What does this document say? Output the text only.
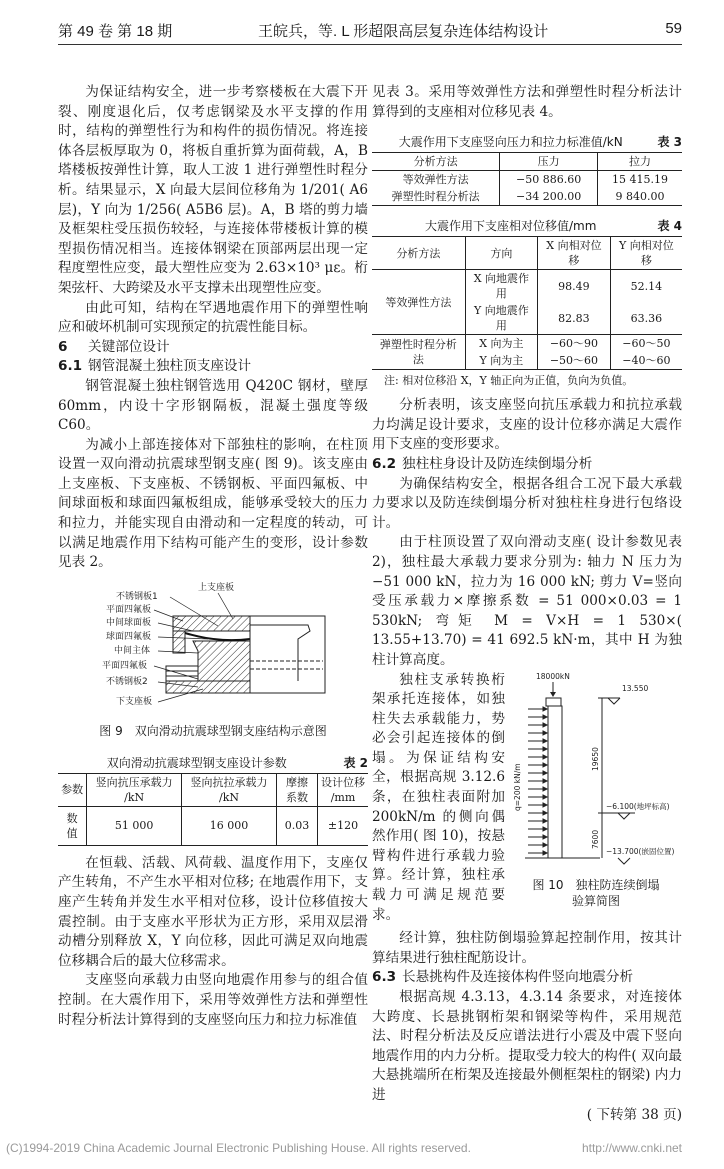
第 49 卷 第 18 期	王皖兵，等. L 形超限高层复杂连体结构设计	59

为保证结构安全，进一步考察楼板在大震下开裂、刚度退化后，仅考虑钢梁及水平支撑的作用时，结构的弹塑性行为和构件的损伤情况。将连接体各层板厚取为 0，将板自重折算为面荷载，A，B 塔楼板按弹性计算，取人工波 1 进行弹塑性时程分析。结果显示，X 向最大层间位移角为 1/201( A6 层)，Y 向为 1/256( A5B6 层)。A，B 塔的剪力墙及框架柱受压损伤较轻，与连接体带楼板计算的模型损伤情况相当。连接体钢梁在顶部两层出现一定程度塑性应变，最大塑性应变为 2.63×10³ με。桁架弦杆、大跨梁及水平支撑未出现塑性应变。

由此可知，结构在罕遇地震作用下的弹塑性响应和破坏机制可实现预定的抗震性能目标。

6 关键部位设计
6.1 钢管混凝土独柱顶支座设计

钢管混凝土独柱钢管选用 Q420C 钢材，壁厚 60mm，内设十字形钢隔板，混凝土强度等级 C60。

为减小上部连接体对下部独柱的影响，在柱顶设置一双向滑动抗震球型钢支座( 图 9)。该支座由上支座板、下支座板、不锈钢板、平面四氟板、中间球面板和球面四氟板组成，能够承受较大的压力和拉力，并能实现自由滑动和一定程度的转动，可以满足地震作用下结构可能产生的变形，设计参数见表 2。

上支座板
不锈钢板1
平面四氟板
中间球面板
球面四氟板
中间主体
平面四氟板
不锈钢板2
下支座板
图 9　双向滑动抗震球型钢支座结构示意图
双向滑动抗震球型钢支座设计参数	表 2
参数	竖向抗压承载力 /kN	竖向抗拉承载力 /kN	摩擦 系数	设计位移 /mm
数值	51 000	16 000	0.03	±120

在恒载、活载、风荷载、温度作用下，支座仅产生转角，不产生水平相对位移; 在地震作用下，支座产生转角并发生水平相对位移，设计位移值按大震控制。由于支座水平形状为正方形，采用双层滑动槽分别释放 X，Y 向位移，因此可满足双向地震位移耦合后的最大位移需求。

支座竖向承载力由竖向地震作用参与的组合值控制。在大震作用下，采用等效弹性方法和弹塑性时程分析法计算得到的支座竖向压力和拉力标准值

见表 3。采用等效弹性方法和弹塑性时程分析法计算得到的支座相对位移见表 4。

大震作用下支座竖向压力和拉力标准值/kN	表 3
分析方法	压力	拉力
等效弹性方法	−50 886.60	15 415.19
弹塑性时程分析法	−34 200.00	9 840.00
大震作用下支座相对位移值/mm	表 4
分析方法	方向	X 向相对位移	Y 向相对位移
等效弹性方法	X 向地震作用	98.49	52.14
	Y 向地震作用	82.83	63.36
弹塑性时程分析法	X 向为主	−60～90	−60～50
	Y 向为主	−50～60	−40～60
注: 相对位移沿 X，Y 轴正向为正值，负向为负值。

分析表明，该支座竖向抗压承载力和抗拉承载力均满足设计要求，支座的设计位移亦满足大震作用下支座的变形要求。

6.2 独柱柱身设计及防连续倒塌分析

为确保结构安全，根据各组合工况下最大承载力要求以及防连续倒塌分析对独柱柱身进行包络设计。

由于柱顶设置了双向滑动支座( 设计参数见表 2)，独柱最大承载力要求分别为: 轴力 N 压力为 −51 000 kN，拉力为 16 000 kN; 剪力 V=竖向受压承载力×摩擦系数 = 51 000×0.03 = 1 530kN; 弯矩 M = V×H = 1 530×( 13.55+13.70) = 41 692.5 kN·m，其中 H 为独柱计算高度。

独柱支承转换桁架承托连接体，如独柱失去承载能力，势必会引起连接体的倒塌。为保证结构安全，根据高规 3.12.6 条，在独柱表面附加 200kN/m 的侧向偶然作用( 图 10)，按悬臂构件进行承载力验算。经计算，独柱承载力可满足规范要求。

18000kN
13.550
19650
q=200 kN/m	−6.100(地坪标高)
7600
−13.700(嵌固位置)
图 10　独柱防连续倒塌
验算简图

经计算，独柱防倒塌验算起控制作用，按其计算结果进行独柱配筋设计。

6.3 长悬挑构件及连接体构件竖向地震分析

根据高规 4.3.13，4.3.14 条要求，对连接体大跨度、长悬挑钢桁架和钢梁等构件，采用规范法、时程分析法及反应谱法进行小震及中震下竖向地震作用的内力分析。提取受力较大的构件( 双向最大悬挑端所在桁架及连接最外侧框架柱的钢梁) 内力进

( 下转第 38 页)

(C)1994-2019 China Academic Journal Electronic Publishing House. All rights reserved.	http://www.cnki.net
